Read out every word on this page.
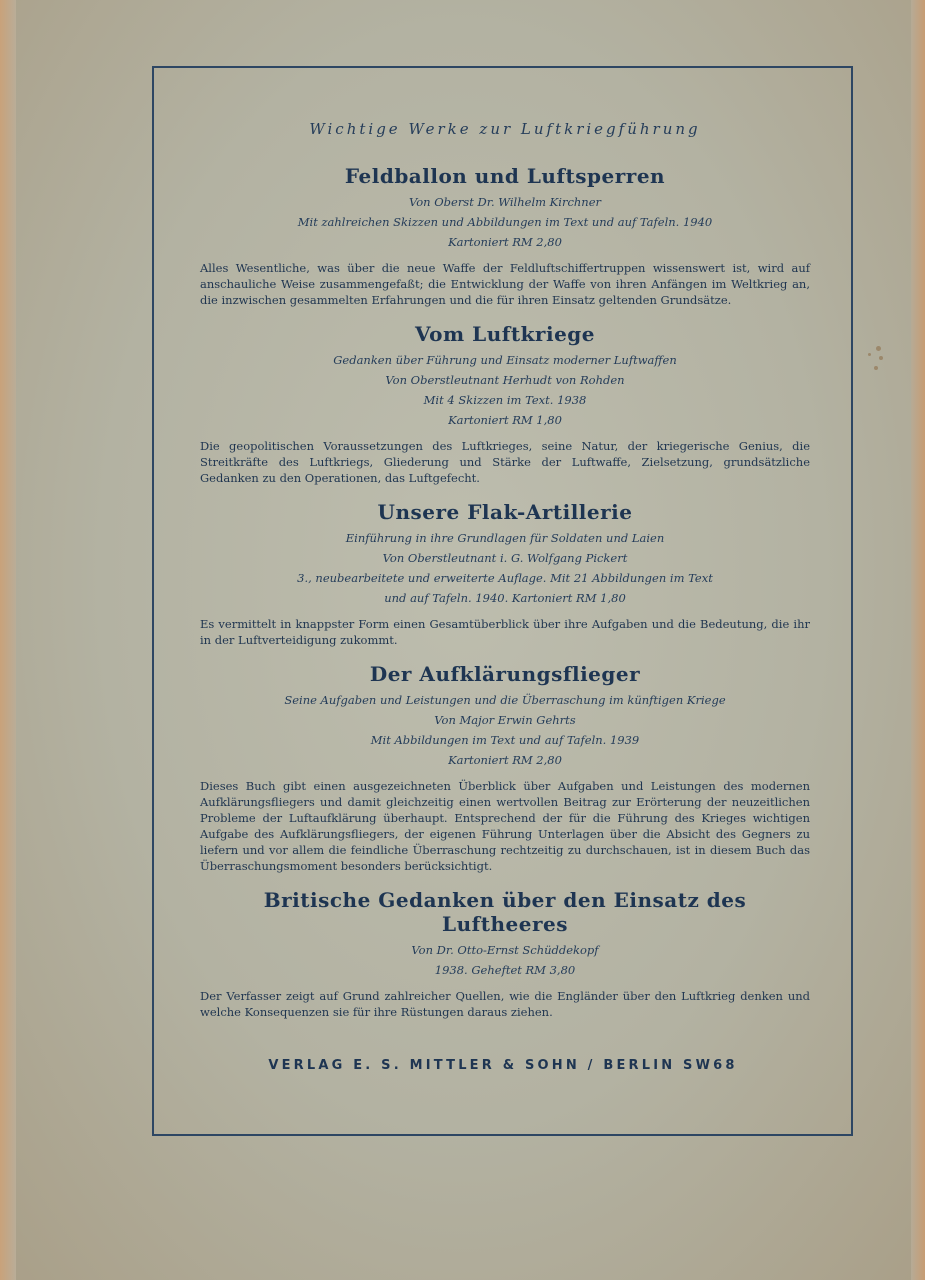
Wichtige Werke zur Luftkriegführung

Feldballon und Luftsperren

Von Oberst Dr. Wilhelm Kirchner

Mit zahlreichen Skizzen und Abbildungen im Text und auf Tafeln. 1940

Kartoniert RM 2,80

Alles Wesentliche, was über die neue Waffe der Feldluftschiffertruppen wissenswert ist, wird auf anschauliche Weise zusammengefaßt; die Entwicklung der Waffe von ihren Anfängen im Weltkrieg an, die inzwischen gesammelten Erfahrungen und die für ihren Einsatz geltenden Grundsätze.

Vom Luftkriege

Gedanken über Führung und Einsatz moderner Luftwaffen

Von Oberstleutnant Herhudt von Rohden

Mit 4 Skizzen im Text. 1938

Kartoniert RM 1,80

Die geopolitischen Voraussetzungen des Luftkrieges, seine Natur, der kriegerische Genius, die Streitkräfte des Luftkriegs, Gliederung und Stärke der Luftwaffe, Zielsetzung, grundsätzliche Gedanken zu den Operationen, das Luftgefecht.

Unsere Flak-Artillerie

Einführung in ihre Grundlagen für Soldaten und Laien

Von Oberstleutnant i. G. Wolfgang Pickert

3., neubearbeitete und erweiterte Auflage. Mit 21 Abbildungen im Text

und auf Tafeln. 1940. Kartoniert RM 1,80

Es vermittelt in knappster Form einen Gesamtüberblick über ihre Aufgaben und die Bedeutung, die ihr in der Luftverteidigung zukommt.

Der Aufklärungsflieger

Seine Aufgaben und Leistungen und die Überraschung im künftigen Kriege

Von Major Erwin Gehrts

Mit Abbildungen im Text und auf Tafeln. 1939

Kartoniert RM 2,80

Dieses Buch gibt einen ausgezeichneten Überblick über Aufgaben und Leistungen des modernen Aufklärungsfliegers und damit gleichzeitig einen wertvollen Beitrag zur Erörterung der neuzeitlichen Probleme der Luftaufklärung überhaupt. Entsprechend der für die Führung des Krieges wichtigen Aufgabe des Aufklärungsfliegers, der eigenen Führung Unterlagen über die Absicht des Gegners zu liefern und vor allem die feindliche Überraschung rechtzeitig zu durchschauen, ist in diesem Buch das Überraschungsmoment besonders berücksichtigt.

Britische Gedanken über den Einsatz des Luftheeres

Von Dr. Otto-Ernst Schüddekopf

1938. Geheftet RM 3,80

Der Verfasser zeigt auf Grund zahlreicher Quellen, wie die Engländer über den Luftkrieg denken und welche Konsequenzen sie für ihre Rüstungen daraus ziehen.

VERLAG E. S. MITTLER & SOHN / BERLIN SW68
